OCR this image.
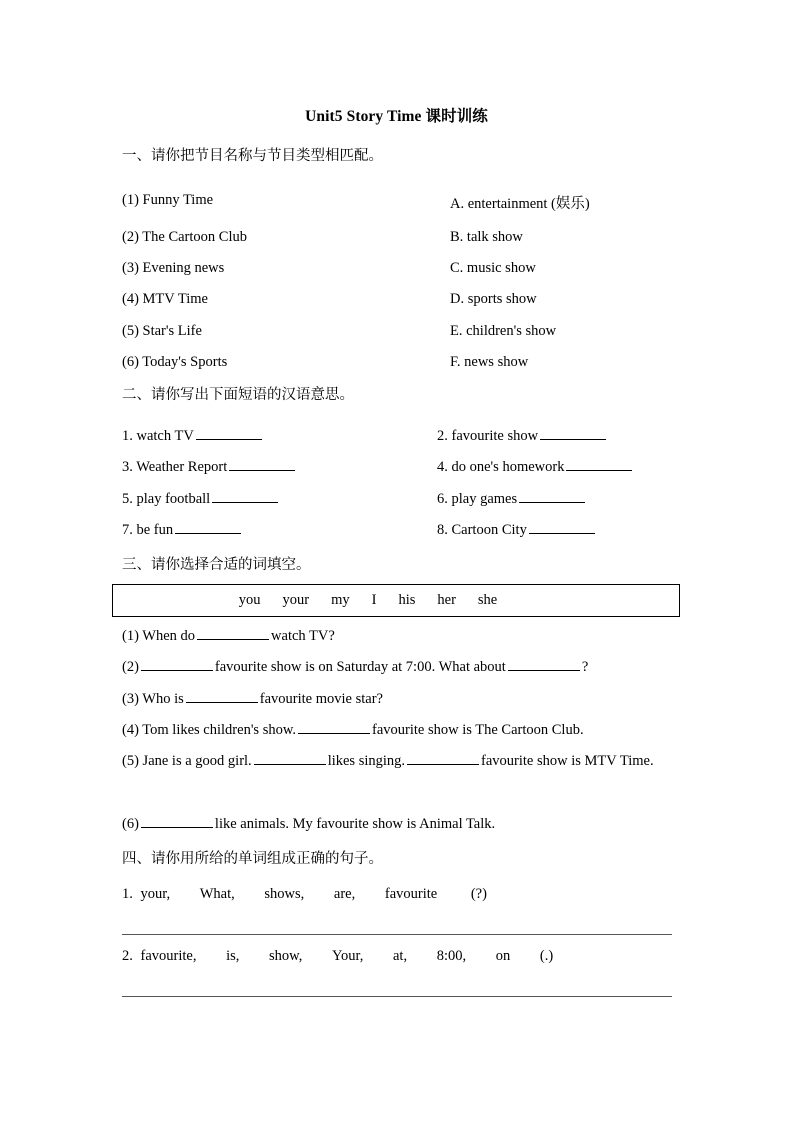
Unit5 Story Time 课时训练
一、请你把节目名称与节目类型相匹配。
(1) Funny Time
(2) The Cartoon Club
(3) Evening news
(4) MTV Time
(5) Star's Life
(6) Today's Sports
A. entertainment (娱乐)
B. talk show
C. music show
D. sports show
E. children's show
F. news show
二、请你写出下面短语的汉语意思。
1. watch TV
3. Weather Report
5. play football
7. be fun
2. favourite show
4. do one's homework
6. play games
8. Cartoon City
三、请你选择合适的词填空。
you your my I his her she
(1) When do	watch TV?
(2)	favourite show is on Saturday at 7:00. What about	?
(3) Who is	favourite movie star?
(4) Tom likes children's show.	favourite show is The Cartoon Club.
(5) Jane is a good girl.	likes singing.	favourite show is MTV Time.
(6)	like animals. My favourite show is Animal Talk.
四、请你用所给的单词组成正确的句子。
1. your, What, shows, are, favourite (?)
2. favourite, is, show, Your, at, 8:00, on (.)
